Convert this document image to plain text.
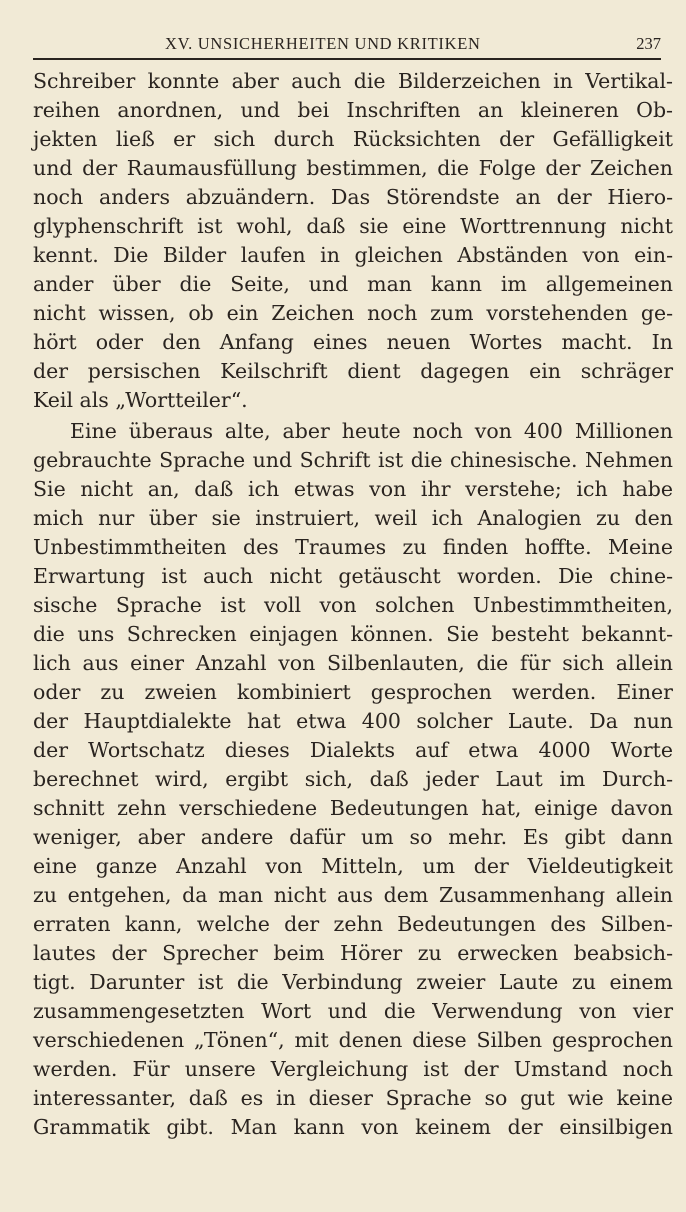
XV. UNSICHERHEITEN UND KRITIKEN	237
Schreiber konnte aber auch die Bilderzeichen in Vertikal-
reihen anordnen, und bei Inschriften an kleineren Ob-
jekten ließ er sich durch Rücksichten der Gefälligkeit
und der Raumausfüllung bestimmen, die Folge der Zeichen
noch anders abzuändern. Das Störendste an der Hiero-
glyphenschrift ist wohl, daß sie eine Worttrennung nicht
kennt. Die Bilder laufen in gleichen Abständen von ein-
ander über die Seite, und man kann im allgemeinen
nicht wissen, ob ein Zeichen noch zum vorstehenden ge-
hört oder den Anfang eines neuen Wortes macht. In
der persischen Keilschrift dient dagegen ein schräger
Keil als „Wortteiler“.
Eine überaus alte, aber heute noch von 400 Millionen
gebrauchte Sprache und Schrift ist die chinesische. Nehmen
Sie nicht an, daß ich etwas von ihr verstehe; ich habe
mich nur über sie instruiert, weil ich Analogien zu den
Unbestimmtheiten des Traumes zu finden hoffte. Meine
Erwartung ist auch nicht getäuscht worden. Die chine-
sische Sprache ist voll von solchen Unbestimmtheiten,
die uns Schrecken einjagen können. Sie besteht bekannt-
lich aus einer Anzahl von Silbenlauten, die für sich allein
oder zu zweien kombiniert gesprochen werden. Einer
der Hauptdialekte hat etwa 400 solcher Laute. Da nun
der Wortschatz dieses Dialekts auf etwa 4000 Worte
berechnet wird, ergibt sich, daß jeder Laut im Durch-
schnitt zehn verschiedene Bedeutungen hat, einige davon
weniger, aber andere dafür um so mehr. Es gibt dann
eine ganze Anzahl von Mitteln, um der Vieldeutigkeit
zu entgehen, da man nicht aus dem Zusammenhang allein
erraten kann, welche der zehn Bedeutungen des Silben-
lautes der Sprecher beim Hörer zu erwecken beabsich-
tigt. Darunter ist die Verbindung zweier Laute zu einem
zusammengesetzten Wort und die Verwendung von vier
verschiedenen „Tönen“, mit denen diese Silben gesprochen
werden. Für unsere Vergleichung ist der Umstand noch
interessanter, daß es in dieser Sprache so gut wie keine
Grammatik gibt. Man kann von keinem der einsilbigen
